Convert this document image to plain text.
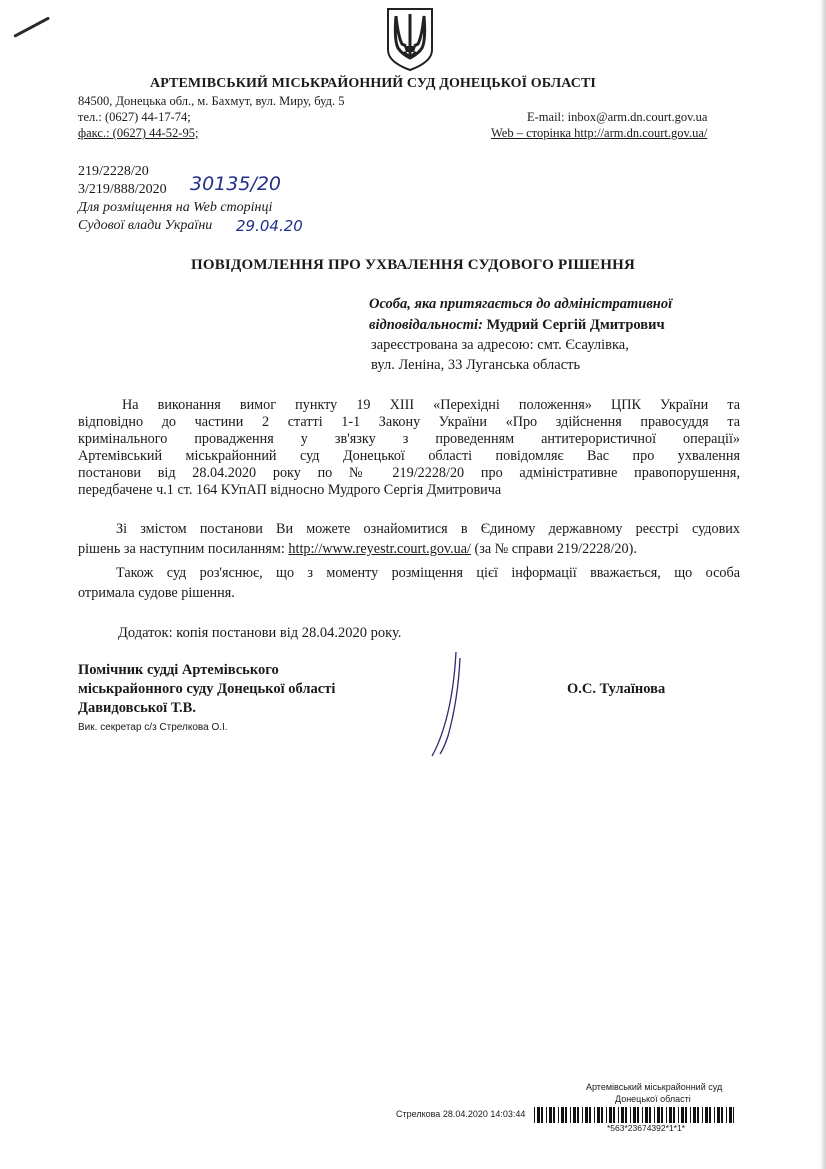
АРТЕМІВСЬКИЙ МІСЬКРАЙОННИЙ СУД ДОНЕЦЬКОЇ ОБЛАСТІ
84500, Донецька обл., м. Бахмут, вул. Миру, буд. 5
тел.: (0627) 44-17-74;
факс.: (0627) 44-52-95;
E-mail: inbox@arm.dn.court.gov.ua
Web – сторінка http://arm.dn.court.gov.ua/
219/2228/20
3/219/888/2020 30135/20
Для розміщення на Web сторінці
Судової влади України 29.04.20
ПОВІДОМЛЕННЯ ПРО УХВАЛЕННЯ СУДОВОГО РІШЕННЯ
Особа, яка притягається до адміністративної
відповідальності: Мудрий Сергій Дмитрович
зареєстрована за адресою: смт. Єсаулівка,
вул. Леніна, 33 Луганська область
На виконання вимог пункту 19 XIII «Перехідні положення» ЦПК України та
відповідно до частини 2 статті 1-1 Закону України «Про здійснення правосуддя та
кримінального провадження у зв'язку з проведенням антитерористичної операції»
Артемівський міськрайонний суд Донецької області повідомляє Вас про ухвалення
постанови від 28.04.2020 року по № 219/2228/20 про адміністративне правопорушення,
передбачене ч.1 ст. 164 КУпАП відносно Мудрого Сергія Дмитровича
Зі змістом постанови Ви можете ознайомитися в Єдиному державному реєстрі судових
рішень за наступним посиланням: http://www.reyestr.court.gov.ua/ (за № справи 219/2228/20).
Також суд роз'яснює, що з моменту розміщення цієї інформації вважається, що особа
отримала судове рішення.
Додаток: копія постанови від 28.04.2020 року.
Помічник судді Артемівського
міськрайонного суду Донецької області
Давидовської Т.В.
Вик. секретар с/з Стрелкова О.І.
О.С. Тулаїнова
Артемівський міськрайонний суд
Донецької області
Стрелкова 28.04.2020 14:03:44
*563*23674392*1*1*
